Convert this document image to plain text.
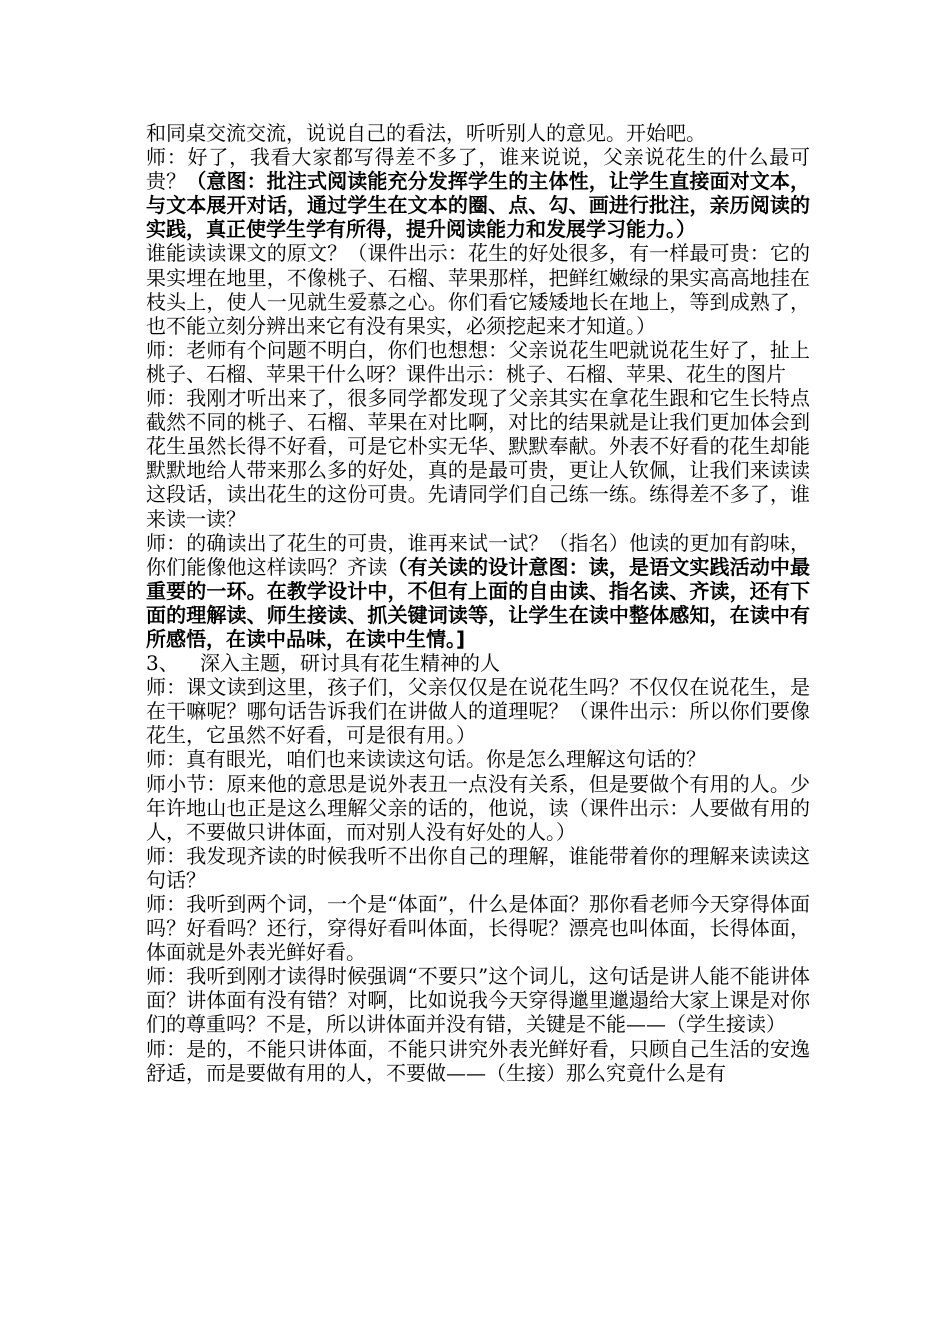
和同桌交流交流，说说自己的看法，听听别人的意见。开始吧。

师：好了，我看大家都写得差不多了，谁来说说，父亲说花生的什么最可贵？（意图：批注式阅读能充分发挥学生的主体性，让学生直接面对文本，与文本展开对话，通过学生在文本的圈、点、勾、画进行批注，亲历阅读的实践，真正使学生学有所得，提升阅读能力和发展学习能力。）

谁能读读课文的原文？（课件出示：花生的好处很多，有一样最可贵：它的果实埋在地里，不像桃子、石榴、苹果那样，把鲜红嫩绿的果实高高地挂在枝头上，使人一见就生爱慕之心。你们看它矮矮地长在地上，等到成熟了，也不能立刻分辨出来它有没有果实，必须挖起来才知道。）

师：老师有个问题不明白，你们也想想：父亲说花生吧就说花生好了，扯上桃子、石榴、苹果干什么呀？课件出示：桃子、石榴、苹果、花生的图片

师：我刚才听出来了，很多同学都发现了父亲其实在拿花生跟和它生长特点截然不同的桃子、石榴、苹果在对比啊，对比的结果就是让我们更加体会到花生虽然长得不好看，可是它朴实无华、默默奉献。外表不好看的花生却能默默地给人带来那么多的好处，真的是最可贵，更让人钦佩，让我们来读读这段话，读出花生的这份可贵。先请同学们自己练一练。练得差不多了，谁来读一读？

师：的确读出了花生的可贵，谁再来试一试？（指名）他读的更加有韵味，你们能像他这样读吗？齐读（有关读的设计意图：读，是语文实践活动中最重要的一环。在教学设计中，不但有上面的自由读、指名读、齐读，还有下面的理解读、师生接读、抓关键词读等，让学生在读中整体感知，在读中有所感悟，在读中品味，在读中生情。]

3、 深入主题，研讨具有花生精神的人

师：课文读到这里，孩子们，父亲仅仅是在说花生吗？不仅仅在说花生，是在干嘛呢？哪句话告诉我们在讲做人的道理呢？（课件出示：所以你们要像花生，它虽然不好看，可是很有用。）

师：真有眼光，咱们也来读读这句话。你是怎么理解这句话的？

师小节：原来他的意思是说外表丑一点没有关系，但是要做个有用的人。少年许地山也正是这么理解父亲的话的，他说，读（课件出示：人要做有用的人，不要做只讲体面，而对别人没有好处的人。）

师：我发现齐读的时候我听不出你自己的理解，谁能带着你的理解来读读这句话？

师：我听到两个词，一个是“体面”，什么是体面？那你看老师今天穿得体面吗？好看吗？还行，穿得好看叫体面，长得呢？漂亮也叫体面，长得体面，体面就是外表光鲜好看。

师：我听到刚才读得时候强调“不要只”这个词儿，这句话是讲人能不能讲体面？讲体面有没有错？对啊，比如说我今天穿得邋里邋遢给大家上课是对你们的尊重吗？不是，所以讲体面并没有错，关键是不能——（学生接读）

师：是的，不能只讲体面，不能只讲究外表光鲜好看，只顾自己生活的安逸舒适，而是要做有用的人，不要做——（生接）那么究竟什么是有
